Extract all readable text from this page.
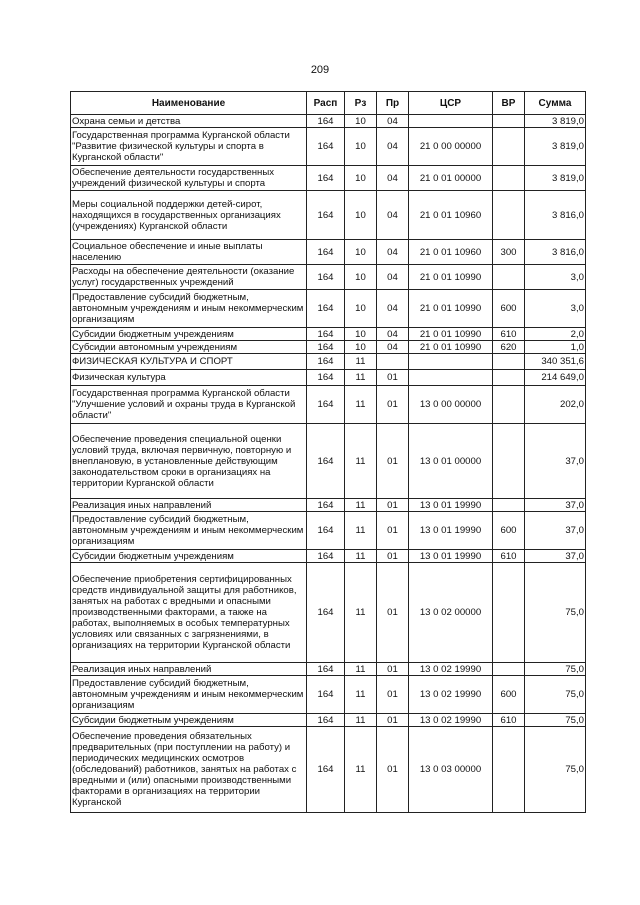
209
Наименование	Расп	Рз	Пр	ЦСР	ВР	Сумма
Охрана семьи и детства	164	10	04			3 819,0
Государственная программа Курганской области "Развитие физической культуры и спорта в Курганской области"	164	10	04	21 0 00 00000		3 819,0
Обеспечение деятельности государственных учреждений физической культуры и спорта	164	10	04	21 0 01 00000		3 819,0
Меры социальной поддержки детей-сирот, находящихся в государственных организациях (учреждениях) Курганской области	164	10	04	21 0 01 10960		3 816,0
Социальное обеспечение и иные выплаты населению	164	10	04	21 0 01 10960	300	3 816,0
Расходы на обеспечение деятельности (оказание услуг) государственных учреждений	164	10	04	21 0 01 10990		3,0
Предоставление субсидий бюджетным, автономным учреждениям и иным некоммерческим организациям	164	10	04	21 0 01 10990	600	3,0
Субсидии бюджетным учреждениям	164	10	04	21 0 01 10990	610	2,0
Субсидии автономным учреждениям	164	10	04	21 0 01 10990	620	1,0
ФИЗИЧЕСКАЯ КУЛЬТУРА И СПОРТ	164	11				340 351,6
Физическая культура	164	11	01			214 649,0
Государственная программа Курганской области "Улучшение условий и охраны труда в Курганской области"	164	11	01	13 0 00 00000		202,0
Обеспечение проведения специальной оценки условий труда, включая первичную, повторную и внеплановую, в установленные действующим законодательством сроки в организациях на территории Курганской области	164	11	01	13 0 01 00000		37,0
Реализация иных направлений	164	11	01	13 0 01 19990		37,0
Предоставление субсидий бюджетным, автономным учреждениям и иным некоммерческим организациям	164	11	01	13 0 01 19990	600	37,0
Субсидии бюджетным учреждениям	164	11	01	13 0 01 19990	610	37,0
Обеспечение приобретения сертифицированных средств индивидуальной защиты для работников, занятых на работах с вредными и опасными производственными факторами, а также на работах, выполняемых в особых температурных условиях или связанных с загрязнениями, в организациях на территории Курганской области	164	11	01	13 0 02 00000		75,0
Реализация иных направлений	164	11	01	13 0 02 19990		75,0
Предоставление субсидий бюджетным, автономным учреждениям и иным некоммерческим организациям	164	11	01	13 0 02 19990	600	75,0
Субсидии бюджетным учреждениям	164	11	01	13 0 02 19990	610	75,0
Обеспечение проведения обязательных предварительных (при поступлении на работу) и периодических медицинских осмотров (обследований) работников, занятых на работах с вредными и (или) опасными производственными факторами в организациях на территории Курганской	164	11	01	13 0 03 00000		75,0
